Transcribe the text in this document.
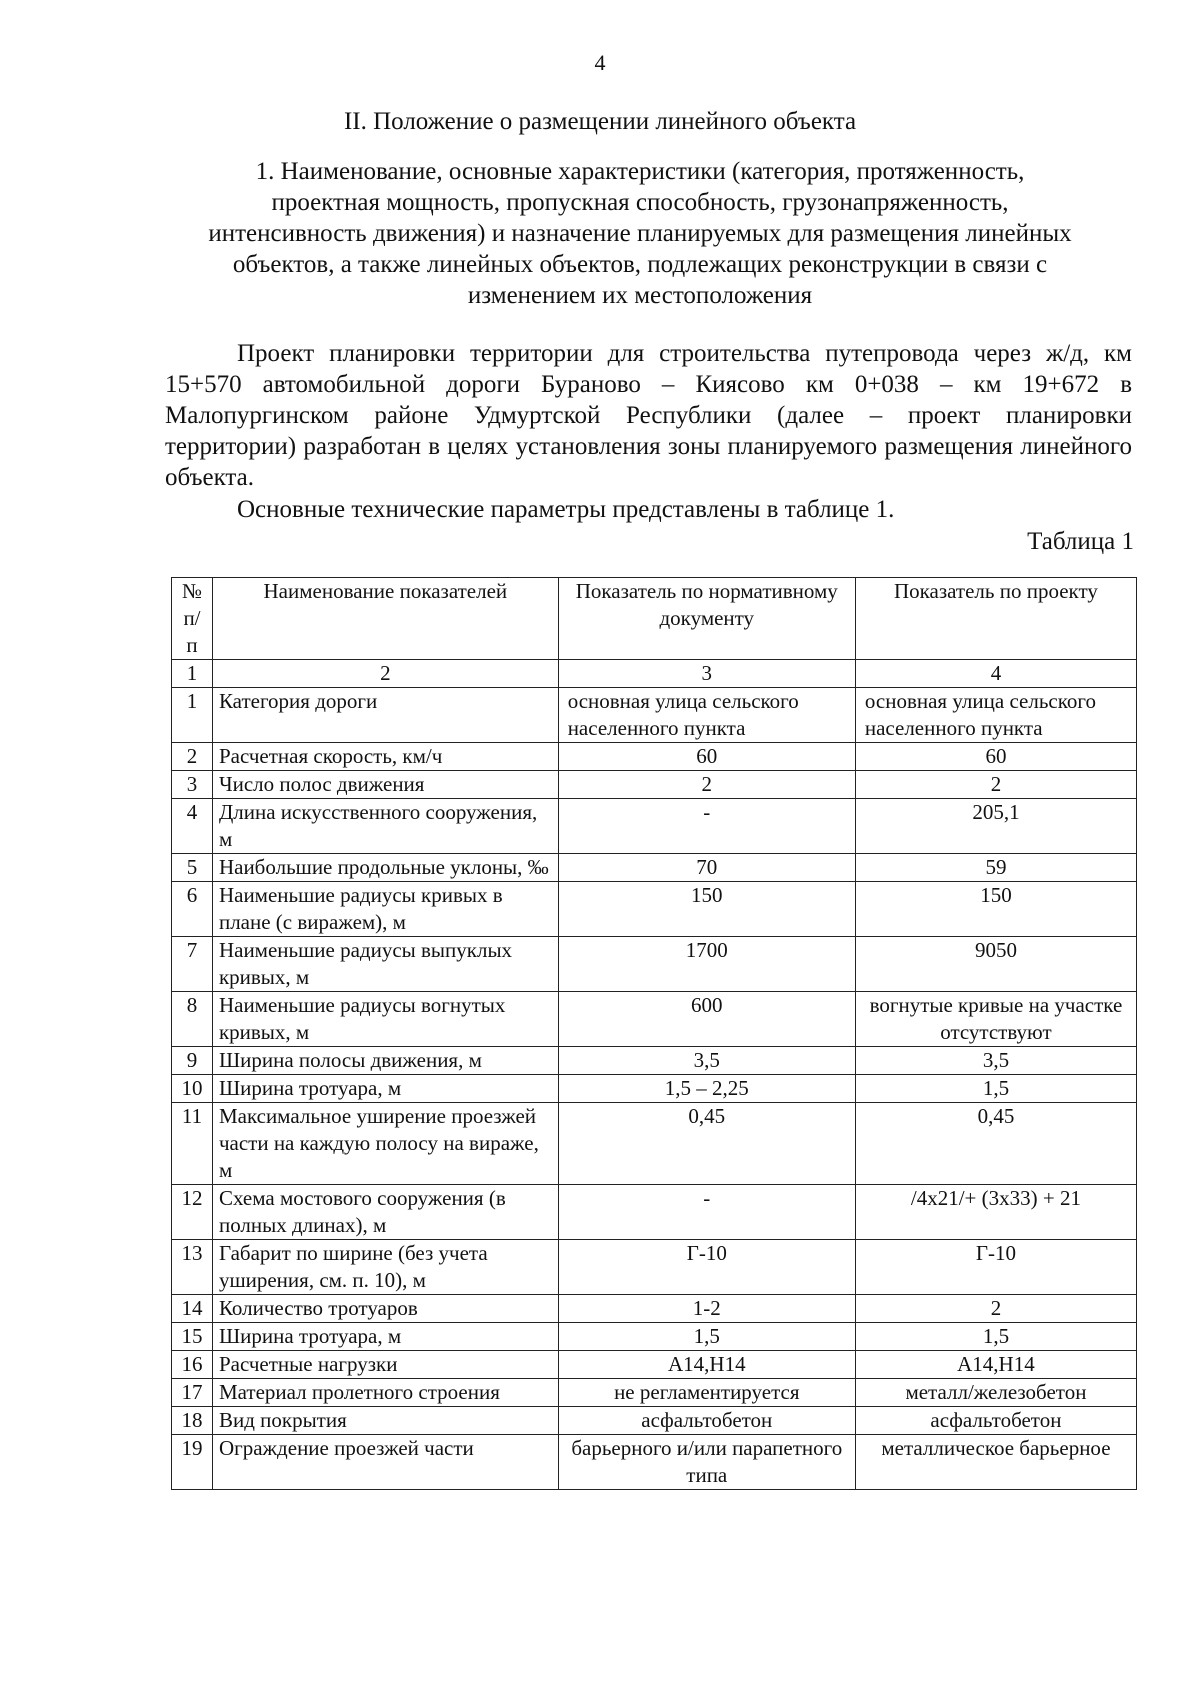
4
II. Положение о размещении линейного объекта
1. Наименование, основные характеристики (категория, протяженность, проектная мощность, пропускная способность, грузонапряженность, интенсивность движения) и назначение планируемых для размещения линейных объектов, а также линейных объектов, подлежащих реконструкции в связи с изменением их местоположения

Проект планировки территории для строительства путепровода через ж/д, км 15+570 автомобильной дороги Бураново – Киясово км 0+038 – км 19+672 в Малопургинском районе Удмуртской Республики (далее – проект планировки территории) разработан в целях установления зоны планируемого размещения линейного объекта.

Основные технические параметры представлены в таблице 1.

Таблица 1
№ п/п	Наименование показателей	Показатель по нормативному документу	Показатель по проекту
1	2	3	4
1	Категория дороги	основная улица сельского населенного пункта	основная улица сельского населенного пункта
2	Расчетная скорость, км/ч	60	60
3	Число полос движения	2	2
4	Длина искусственного сооружения, м	-	205,1
5	Наибольшие продольные уклоны, ‰	70	59
6	Наименьшие радиусы кривых в плане (с виражем), м	150	150
7	Наименьшие радиусы выпуклых кривых, м	1700	9050
8	Наименьшие радиусы вогнутых кривых, м	600	вогнутые кривые на участке отсутствуют
9	Ширина полосы движения, м	3,5	3,5
10	Ширина тротуара, м	1,5 – 2,25	1,5
11	Максимальное уширение проезжей части на каждую полосу на вираже, м	0,45	0,45
12	Схема мостового сооружения (в полных длинах), м	-	/4х21/+ (3х33) + 21
13	Габарит по ширине (без учета уширения, см. п. 10), м	Г-10	Г-10
14	Количество тротуаров	1-2	2
15	Ширина тротуара, м	1,5	1,5
16	Расчетные нагрузки	А14,Н14	А14,Н14
17	Материал пролетного строения	не регламентируется	металл/железобетон
18	Вид покрытия	асфальтобетон	асфальтобетон
19	Ограждение проезжей части	барьерного и/или парапетного типа	металлическое барьерное
